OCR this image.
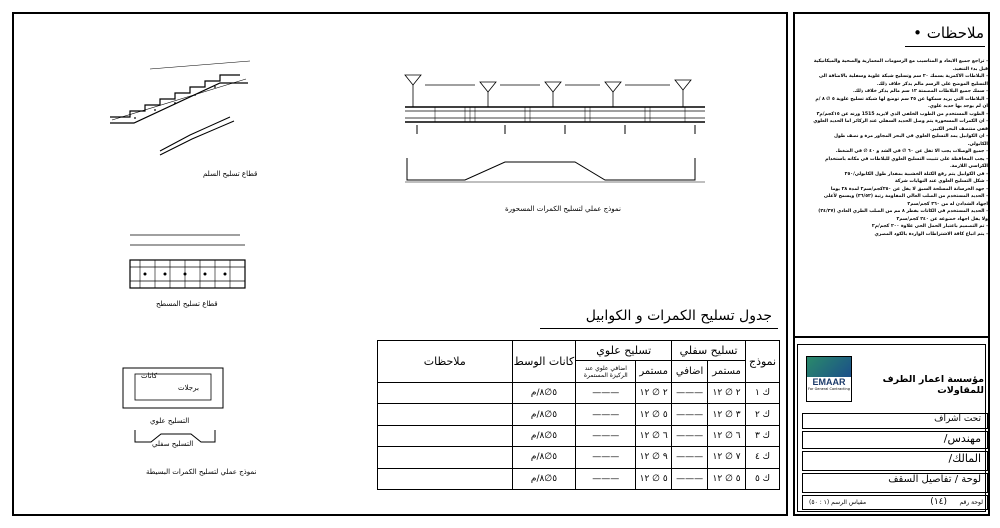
ملاحظات •

- تراجع جميع الابعاد و المناسيب مع الرسومات المعمارية والصحية والميكانيكية قبل بدء التنفيذ.

- البلاطات الاكمرية بسمك ٢٠ سم وتسليح شبكة علوية وسفلية بالاضافة الى التسليح الموضح على الرسم مالم يذكر خلاف ذلك.

- سمك جميع البلاطات المصمتة ١٢ سم مالم يذكر خلاف ذلك.

- البلاطات التي يزيد سمكها عن ٢٥ سم توضع لها شبكة تسليح علوية ٥ ∅ ٨ /م ان لم يوجد بها حديد علوي.

- الطوب المستخدم من الطوب الخلفي الذي لايزيد 1515 وزنه عن ١٥كجم/م٣

- ان الكمرات المسحورة يتم وصل الحديد السفلي عند الركائز اما الحديد العلوي ففي منتصف البحر الكبير.

- ان الكوابيل يمد التسليح العلوي في البحر المجاور مرة و نصف طول الكابولي.

- جميع الوصلات يجب الا تقل عن ٦٠ ∅ في الشد و ٤٠ ∅ في الضغط.

- يجب المحافظة على تثبيت التسليح العلوي للبلاطات في مكانه باستخدام الكراسي اللازمة.

- في الكوابيل يتم رفع الكتلة الخشبية بمقدار طول الكابولي/٢٥٠

- شكل التسليح العلوي عند النهايات شركة

- جهد الخرسانة المسلحة السبق لا يقل عن ٢٥٠كجم/سم٢ لمدة ٢٨ يوما

- الحديد المستخدم من الصلب العالي المقاومة رتبة (٣٦/٥٢) ويسمح لأعلى اجهاد الشدادن له من ٣٦٠ كجم/سم٢

- الحديد المستخدم في الكانات بقطر ٨ مم من الصلب الطري العادي (٢٤/٣٧) ولا يقل اجهاد خضوعه عن ٢٤٠ كجم/سم٢

- تم التصميم باعتبار الحمل الحي علاوة ٢٠٠ كجم/م٢

- يتم اتباع كافة الاشتراطات الواردة بالكود المصري

EMAAR
For General Contracting
مؤسسة اعمار الطرف للمقاولات
تحت اشراف
مهندس/
المالك/
لوحة / تفاصيل السقف
لوحة رقم
(١٤)
مقياس الرسم (١ : ٥٠)
قطاع تسليح السلم
نموذج عملي لتسليح الكمرات المسحورة
قطاع تسليح المسطح
كانات
برجلات
التسليح علوي
التسليح سفلي
نموذج عملي لتسليح الكمرات البسيطة
جدول تسليح الكمرات و الكوابيل
نموذج	تسليح سفلي		تسليح علوي		كانات الوسط	ملاحظات
	مستمر	اضافي	مستمر	اضافي علوي عند الركيزة المستمرة		
ك ١	٢ ∅ ١٢	———	٢ ∅ ١٢	———	٥∅٨/م	
ك ٢	٣ ∅ ١٢	———	٥ ∅ ١٢	———	٥∅٨/م	
ك ٣	٦ ∅ ١٢	———	٦ ∅ ١٢	———	٥∅٨/م	
ك ٤	٧ ∅ ١٢	———	٩ ∅ ١٢	———	٥∅٨/م	
ك ٥	٥ ∅ ١٢	———	٥ ∅ ١٢	———	٥∅٨/م	
